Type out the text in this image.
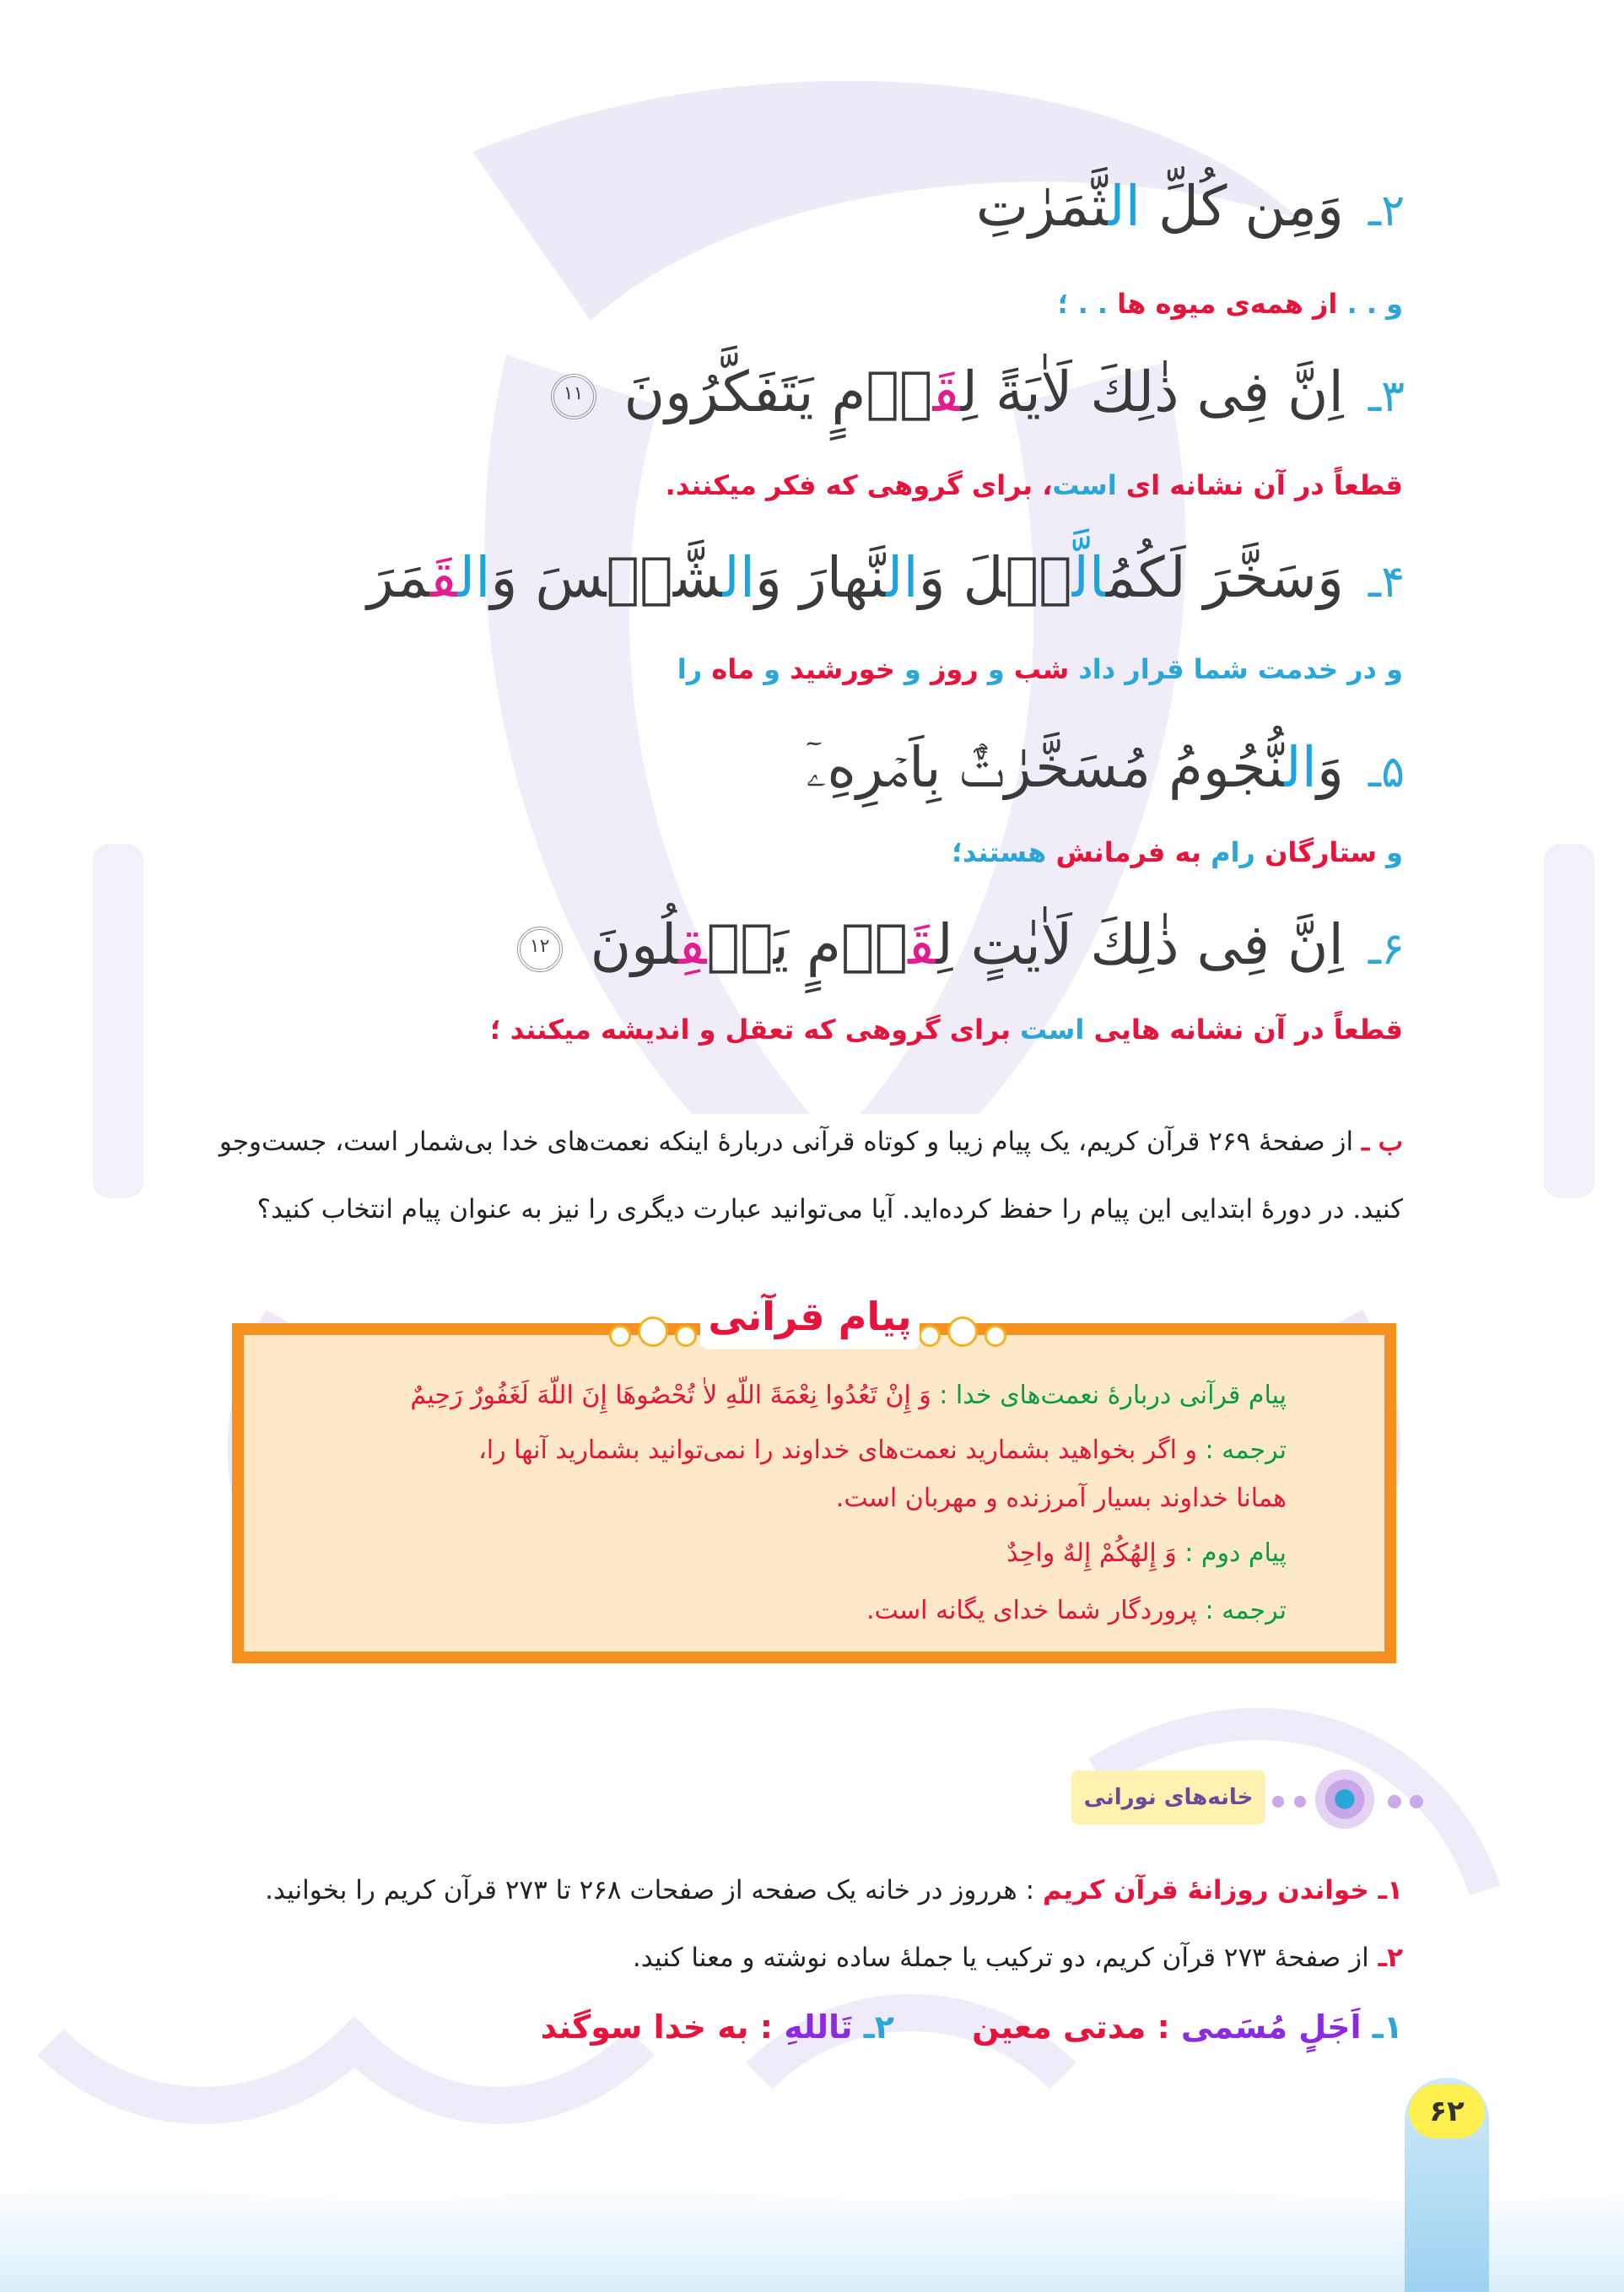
۲ـ وَمِن كُلِّ الثَّمَرٰتِ
و . . از همه‌ی میوه ها . . ؛
۳ـ اِنَّ فِى ذٰلِكَ لَاٰيَةً لِقَوۡمٍ يَتَفَكَّرُونَ ۱۱
قطعاً در آن نشانه ای است، برای گروهی که فکر میکنند.
۴ـ وَسَخَّرَ لَكُمُالَّيۡلَ وَالنَّهارَ وَالشَّمۡسَ وَالقَمَرَ
و در خدمت شما قرار داد شب و روز و خورشید و ماه را
۵ـ وَالنُّجُومُ مُسَخَّرٰتٌۢ بِاَمۡرِهِۦٓ
و ستارگان رام به فرمانش هستند؛
۶ـ اِنَّ فِى ذٰلِكَ لَاٰيٰتٍ لِقَوۡمٍ يَعۡقِلُونَ ۱۲
قطعاً در آن نشانه هایی است برای گروهی که تعقل و اندیشه میکنند ؛
ب ـ از صفحهٔ ۲۶۹ قرآن کریم، یک پیام زیبا و کوتاه قرآنی دربارهٔ اینکه نعمت‌های خدا بی‌شمار است، جست‌وجو
کنید. در دورهٔ ابتدایی این پیام را حفظ کرده‌اید. آیا می‌توانید عبارت دیگری را نیز به عنوان پیام انتخاب کنید؟
پیام قرآنی
پیام قرآنی دربارهٔ نعمت‌های خدا : وَ إِنْ تَعُدُوا نِعْمَةَ اللّهِ لاٰ تُحْصُوهَا إِنَ اللّهَ لَغَفُورٌ رَحِیمٌ
ترجمه : و اگر بخواهید بشمارید نعمت‌های خداوند را نمی‌توانید بشمارید آنها را،
همانا خداوند بسیار آمرزنده و مهربان است.
پیام دوم : وَ إِلهُکُمْ إِلهٌ واحِدٌ
ترجمه : پروردگار شما خدای یگانه است.
خانه‌های نورانی
۱ـ خواندن روزانهٔ قرآن کریم : هرروز در خانه یک صفحه از صفحات ۲۶۸ تا ۲۷۳ قرآن کریم را بخوانید.
۲ـ از صفحهٔ ۲۷۳ قرآن کریم، دو ترکیب یا جملهٔ ساده نوشته و معنا کنید.
۱ـ اَجَلٍ مُسَمی : مدتی معین
۲ـ تَاللهِ : به خدا سوگند
۶۲
